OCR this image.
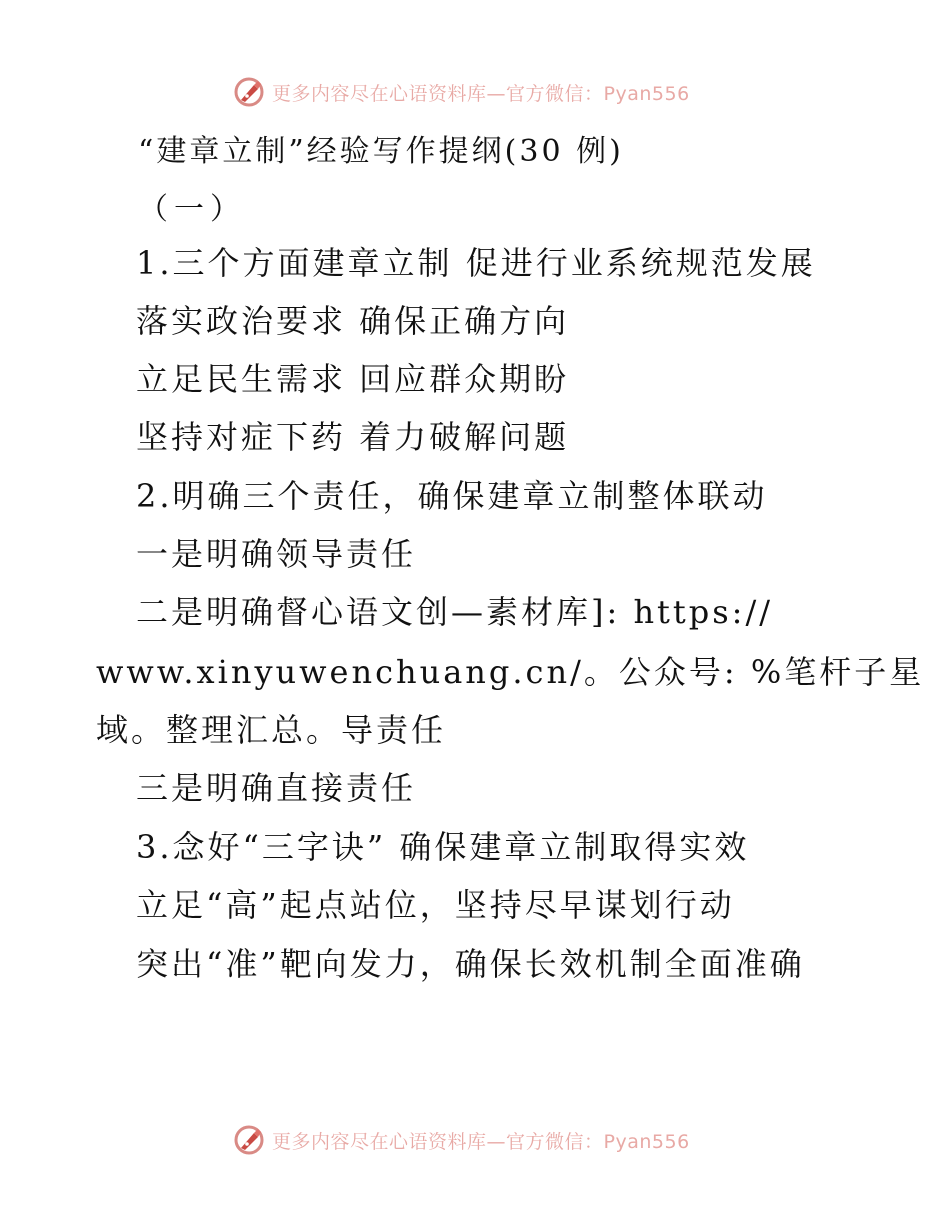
更多内容尽在心语资料库—官方微信：Pyan556
“建章立制”经验写作提纲(30 例)
（一）
1.三个方面建章立制 促进行业系统规范发展
落实政治要求 确保正确方向
立足民生需求 回应群众期盼
坚持对症下药 着力破解问题
2.明确三个责任，确保建章立制整体联动
一是明确领导责任
二是明确督心语文创—素材库]: https://
www.xinyuwenchuang.cn/。公众号: %笔杆子星
域。整理汇总。导责任
三是明确直接责任
3.念好“三字诀” 确保建章立制取得实效
立足“高”起点站位，坚持尽早谋划行动
突出“准”靶向发力，确保长效机制全面准确
更多内容尽在心语资料库—官方微信：Pyan556
